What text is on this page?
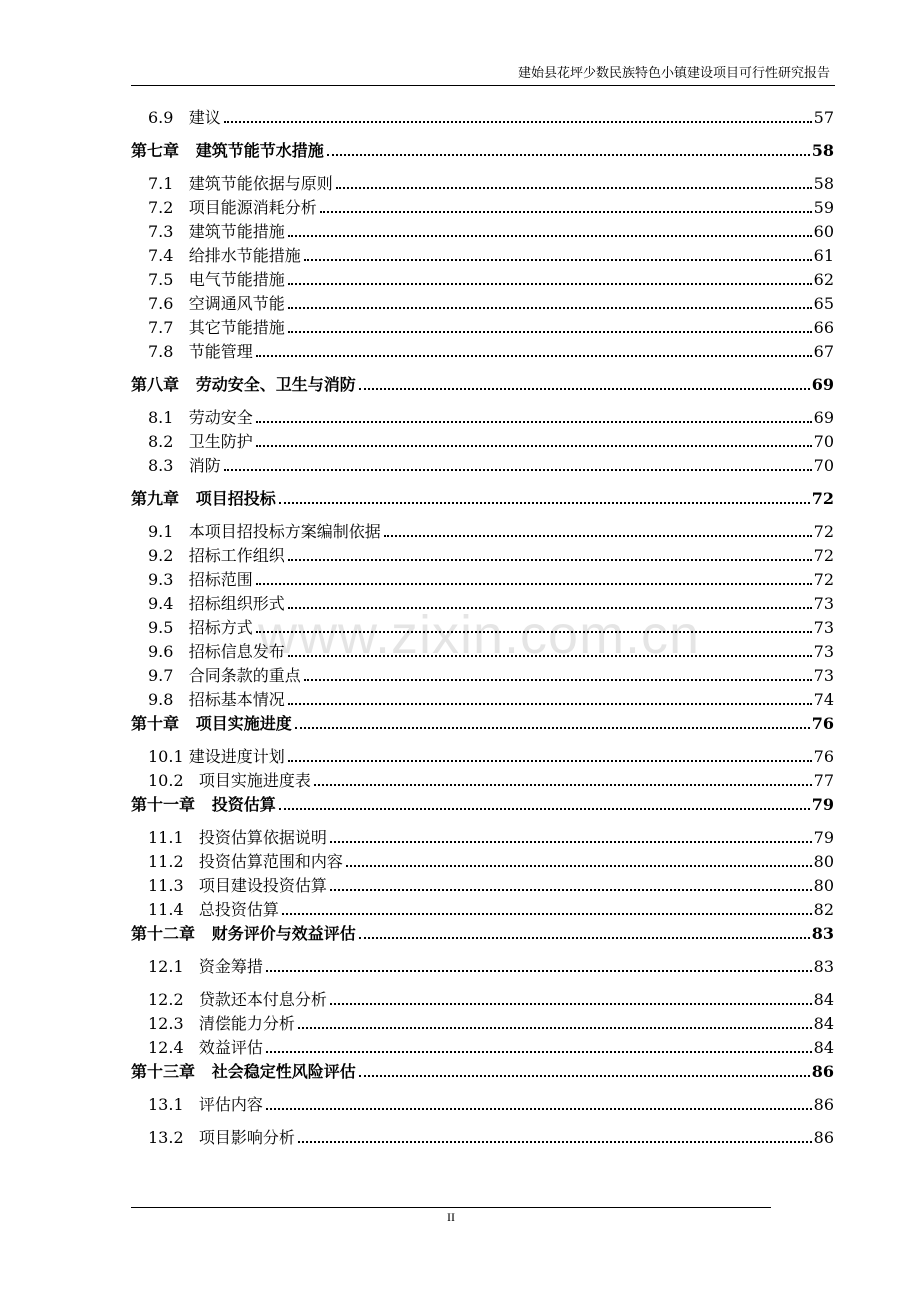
建始县花坪少数民族特色小镇建设项目可行性研究报告
www.zixin.com.cn
6.9   建议	57
第七章   建筑节能节水措施	58
7.1   建筑节能依据与原则	58
7.2   项目能源消耗分析	59
7.3   建筑节能措施	60
7.4   给排水节能措施	61
7.5   电气节能措施	62
7.6   空调通风节能	65
7.7   其它节能措施	66
7.8   节能管理	67
第八章   劳动安全、卫生与消防	69
8.1   劳动安全	69
8.2   卫生防护	70
8.3   消防	70
第九章   项目招投标	72
9.1   本项目招投标方案编制依据	72
9.2   招标工作组织	72
9.3   招标范围	72
9.4   招标组织形式	73
9.5   招标方式	73
9.6   招标信息发布	73
9.7   合同条款的重点	73
9.8   招标基本情况	74
第十章   项目实施进度	76
10.1 建设进度计划	76
10.2   项目实施进度表	77
第十一章   投资估算	79
11.1   投资估算依据说明	79
11.2   投资估算范围和内容	80
11.3   项目建设投资估算	80
11.4   总投资估算	82
第十二章   财务评价与效益评估	83
12.1   资金筹措	83
12.2   贷款还本付息分析	84
12.3   清偿能力分析	84
12.4   效益评估	84
第十三章   社会稳定性风险评估	86
13.1   评估内容	86
13.2   项目影响分析	86
II
